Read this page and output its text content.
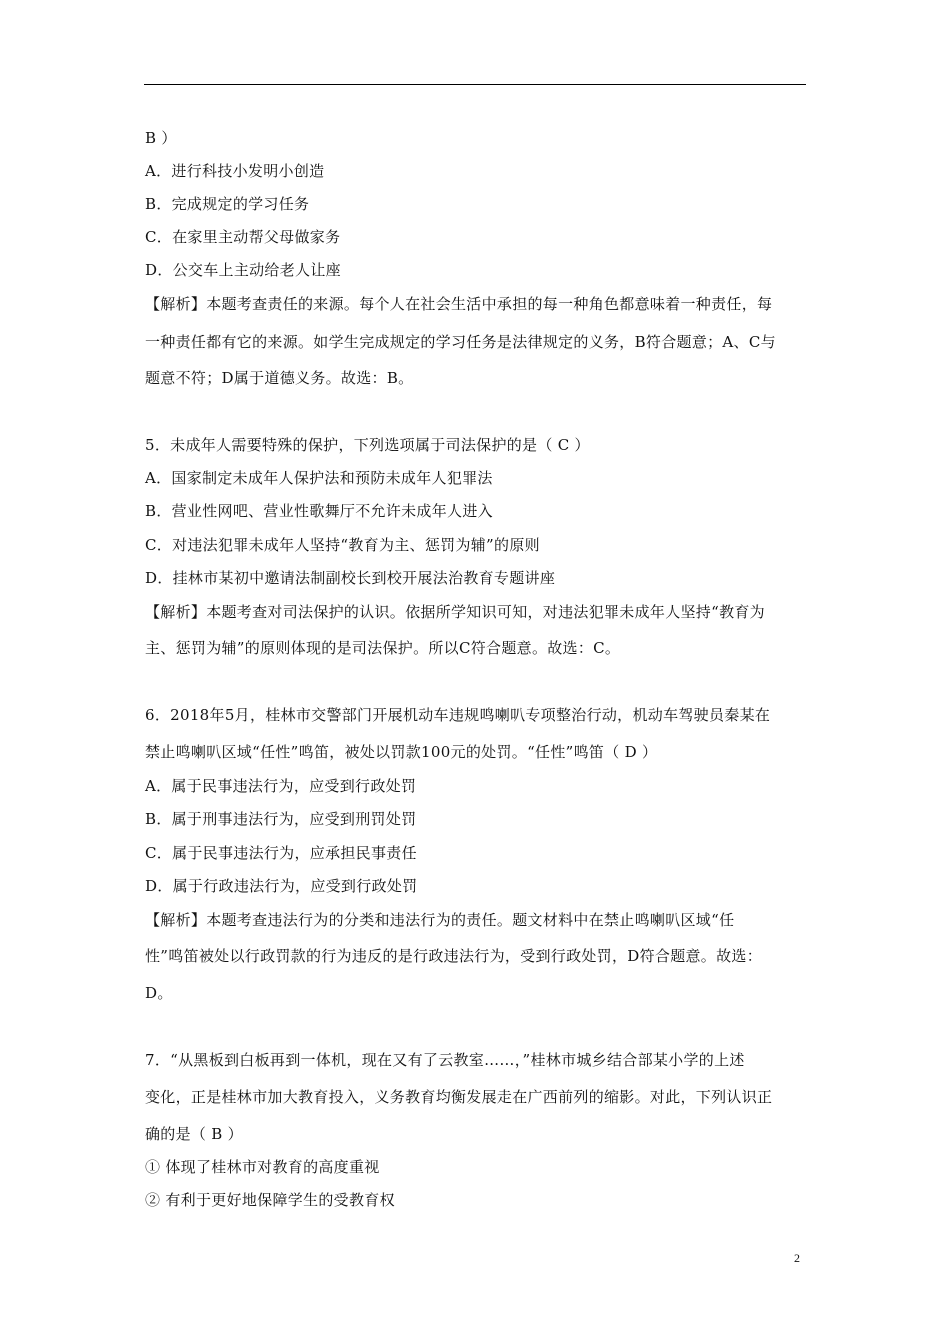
B ）
A．进行科技小发明小创造
B．完成规定的学习任务
C．在家里主动帮父母做家务
D．公交车上主动给老人让座
【解析】本题考查责任的来源。每个人在社会生活中承担的每一种角色都意味着一种责任，每
一种责任都有它的来源。如学生完成规定的学习任务是法律规定的义务，B符合题意；A、C与
题意不符；D属于道德义务。故选：B。
5．未成年人需要特殊的保护，下列选项属于司法保护的是（ C ）
A．国家制定未成年人保护法和预防未成年人犯罪法
B．营业性网吧、营业性歌舞厅不允许未成年人进入
C．对违法犯罪未成年人坚持“教育为主、惩罚为辅”的原则
D．挂林市某初中邀请法制副校长到校开展法治教育专题讲座
【解析】本题考查对司法保护的认识。依据所学知识可知，对违法犯罪未成年人坚持“教育为
主、惩罚为辅”的原则体现的是司法保护。所以C符合题意。故选：C。
6．2018年5月，桂林市交警部门开展机动车违规鸣喇叭专项整治行动，机动车驾驶员秦某在
禁止鸣喇叭区域“任性”鸣笛，被处以罚款100元的处罚。“任性”鸣笛（ D ）
A．属于民事违法行为，应受到行政处罚
B．属于刑事违法行为，应受到刑罚处罚
C．属于民事违法行为，应承担民事责任
D．属于行政违法行为，应受到行政处罚
【解析】本题考查违法行为的分类和违法行为的责任。题文材料中在禁止鸣喇叭区域“任
性”鸣笛被处以行政罚款的行为违反的是行政违法行为，受到行政处罚，D符合题意。故选：
D。
7．“从黑板到白板再到一体机，现在又有了云教室……，”桂林市城乡结合部某小学的上述
变化，正是桂林市加大教育投入，义务教育均衡发展走在广西前列的缩影。对此，下列认识正
确的是（ B ）
① 体现了桂林市对教育的高度重视
② 有利于更好地保障学生的受教育权
2
